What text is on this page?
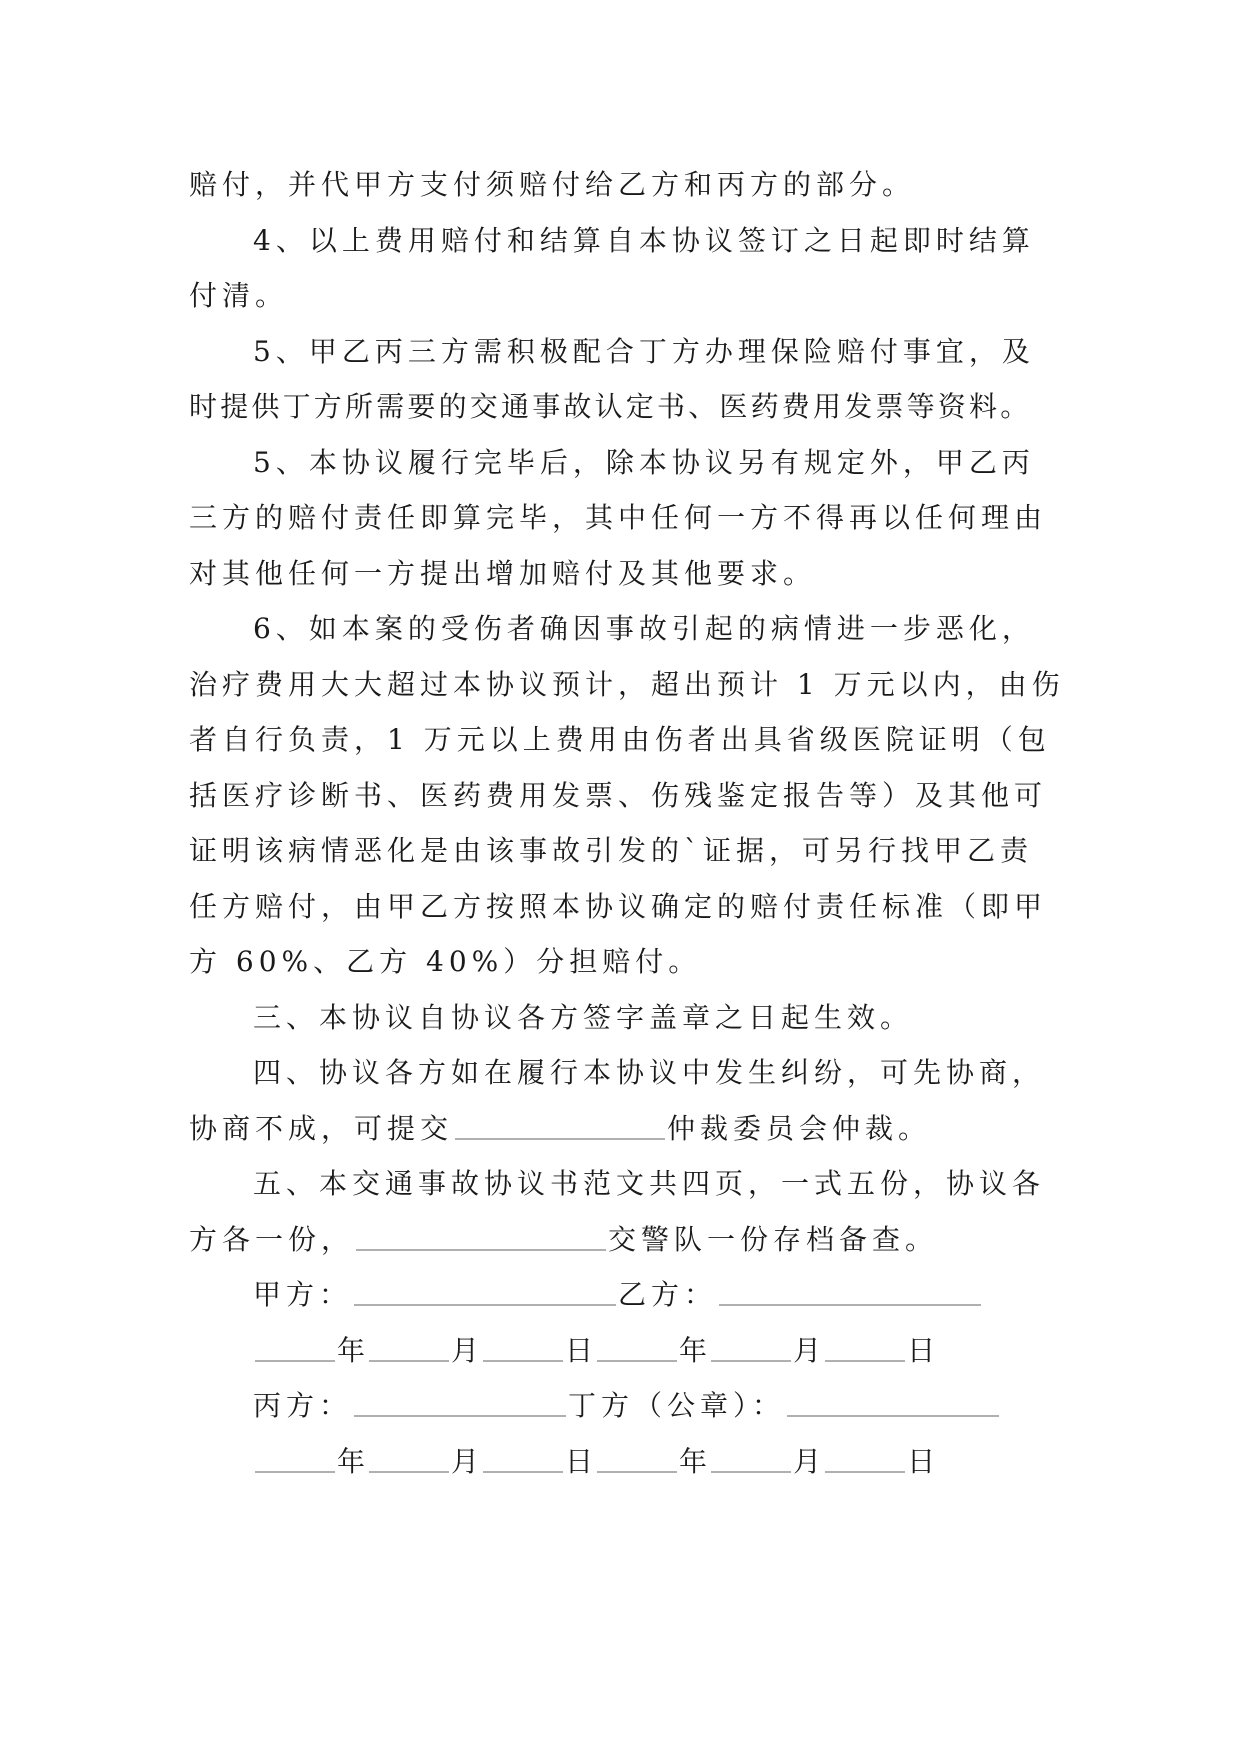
赔付，并代甲方支付须赔付给乙方和丙方的部分。
4、以上费用赔付和结算自本协议签订之日起即时结算
付清。
5、甲乙丙三方需积极配合丁方办理保险赔付事宜，及
时提供丁方所需要的交通事故认定书、医药费用发票等资料。
5、本协议履行完毕后，除本协议另有规定外，甲乙丙
三方的赔付责任即算完毕，其中任何一方不得再以任何理由
对其他任何一方提出增加赔付及其他要求。
6、如本案的受伤者确因事故引起的病情进一步恶化，
治疗费用大大超过本协议预计，超出预计 1 万元以内，由伤
者自行负责，1 万元以上费用由伤者出具省级医院证明（包
括医疗诊断书、医药费用发票、伤残鉴定报告等）及其他可
证明该病情恶化是由该事故引发的`证据，可另行找甲乙责
任方赔付，由甲乙方按照本协议确定的赔付责任标准（即甲
方 60%、乙方 40%）分担赔付。
三、本协议自协议各方签字盖章之日起生效。
四、协议各方如在履行本协议中发生纠纷，可先协商，
协商不成，可提交	仲裁委员会仲裁。
五、本交通事故协议书范文共四页，一式五份，协议各
方各一份，	交警队一份存档备查。
甲方：	乙方：
年	月	日	年	月	日
丙方：	丁方（公章）：
年	月	日	年	月	日
